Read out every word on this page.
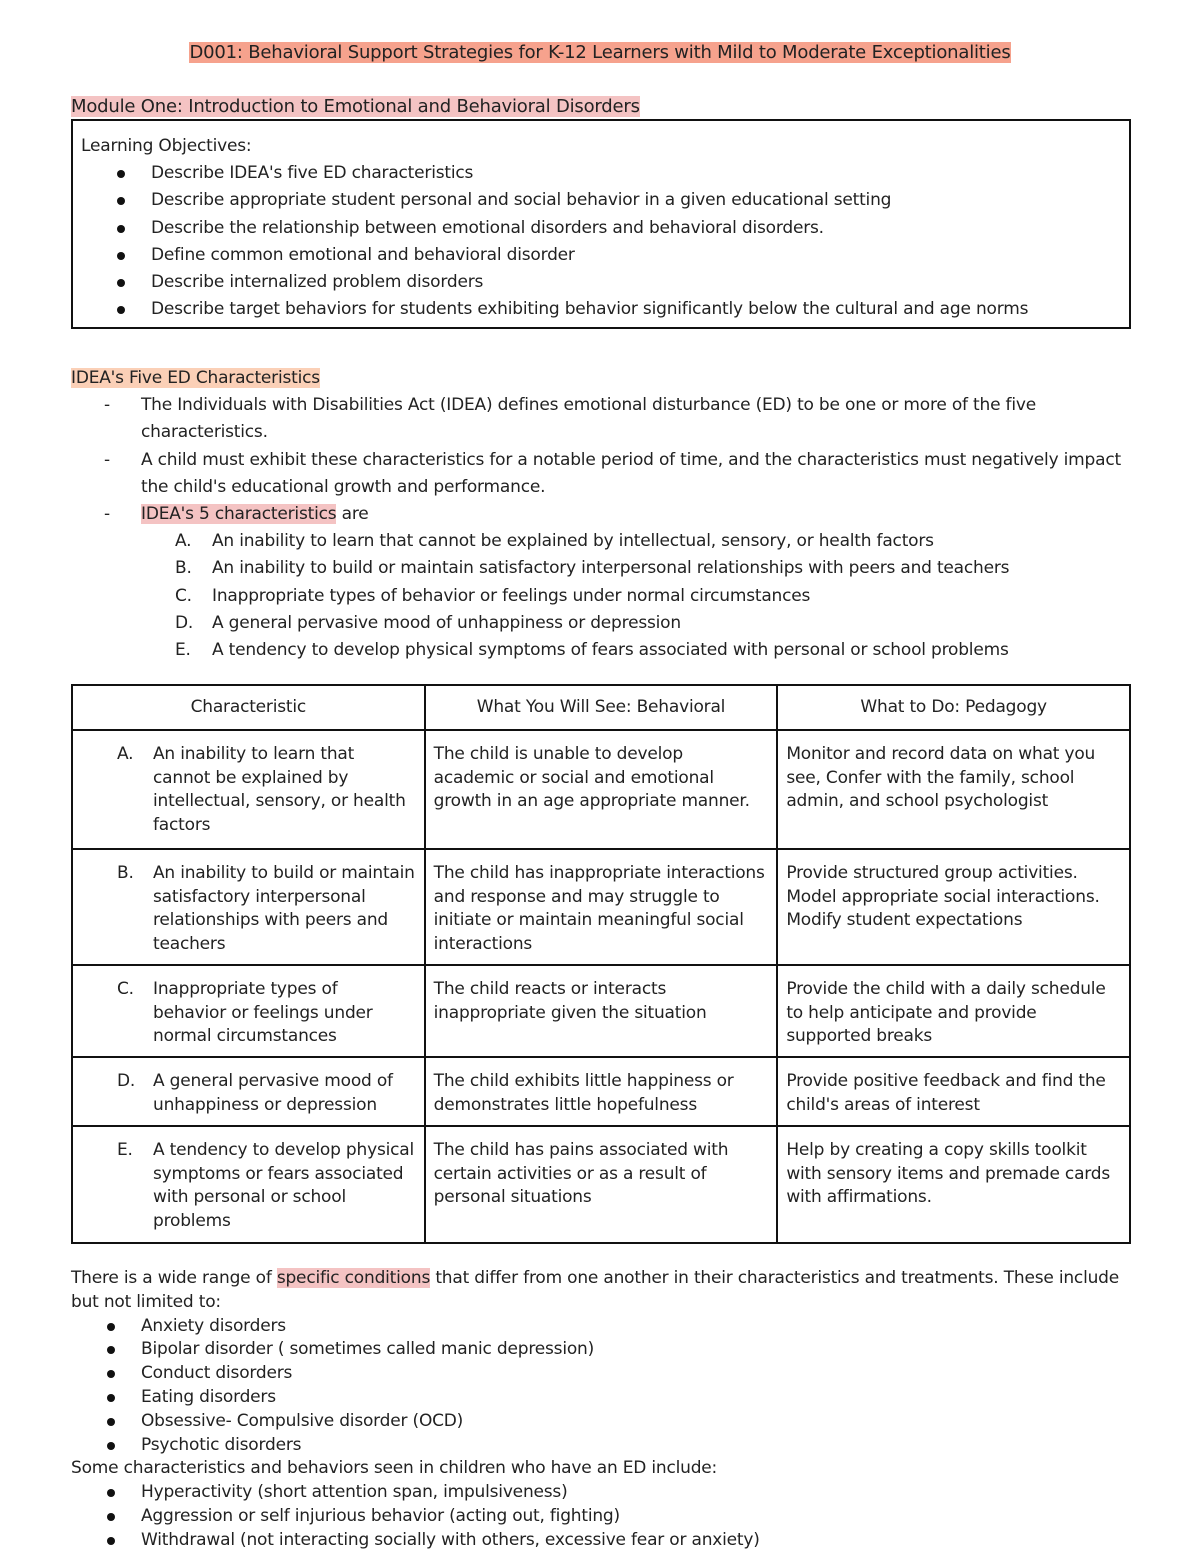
D001: Behavioral Support Strategies for K-12 Learners with Mild to Moderate Exceptionalities
Module One: Introduction to Emotional and Behavioral Disorders
Learning Objectives:
Describe IDEA's five ED characteristics
Describe appropriate student personal and social behavior in a given educational setting
Describe the relationship between emotional disorders and behavioral disorders.
Define common emotional and behavioral disorder
Describe internalized problem disorders
Describe target behaviors for students exhibiting behavior significantly below the cultural and age norms
IDEA's Five ED Characteristics
- The Individuals with Disabilities Act (IDEA) defines emotional disturbance (ED) to be one or more of the five characteristics.
- A child must exhibit these characteristics for a notable period of time, and the characteristics must negatively impact the child's educational growth and performance.
- IDEA's 5 characteristics are
A. An inability to learn that cannot be explained by intellectual, sensory, or health factors
B. An inability to build or maintain satisfactory interpersonal relationships with peers and teachers
C. Inappropriate types of behavior or feelings under normal circumstances
D. A general pervasive mood of unhappiness or depression
E. A tendency to develop physical symptoms of fears associated with personal or school problems
Characteristic	What You Will See: Behavioral	What to Do: Pedagogy

A. An inability to learn that cannot be explained by intellectual, sensory, or health factors	The child is unable to develop academic or social and emotional growth in an age appropriate manner.	Monitor and record data on what you see, Confer with the family, school admin, and school psychologist

B. An inability to build or maintain satisfactory interpersonal relationships with peers and teachers	The child has inappropriate interactions and response and may struggle to initiate or maintain meaningful social interactions	Provide structured group activities. Model appropriate social interactions. Modify student expectations

C. Inappropriate types of behavior or feelings under normal circumstances	The child reacts or interacts inappropriate given the situation	Provide the child with a daily schedule to help anticipate and provide supported breaks

D. A general pervasive mood of unhappiness or depression	The child exhibits little happiness or demonstrates little hopefulness	Provide positive feedback and find the child's areas of interest

E. A tendency to develop physical symptoms or fears associated with personal or school problems	The child has pains associated with certain activities or as a result of personal situations	Help by creating a copy skills toolkit with sensory items and premade cards with affirmations.
There is a wide range of specific conditions that differ from one another in their characteristics and treatments. These include but not limited to:
Anxiety disorders
Bipolar disorder ( sometimes called manic depression)
Conduct disorders
Eating disorders
Obsessive- Compulsive disorder (OCD)
Psychotic disorders
Some characteristics and behaviors seen in children who have an ED include:
Hyperactivity (short attention span, impulsiveness)
Aggression or self injurious behavior (acting out, fighting)
Withdrawal (not interacting socially with others, excessive fear or anxiety)
